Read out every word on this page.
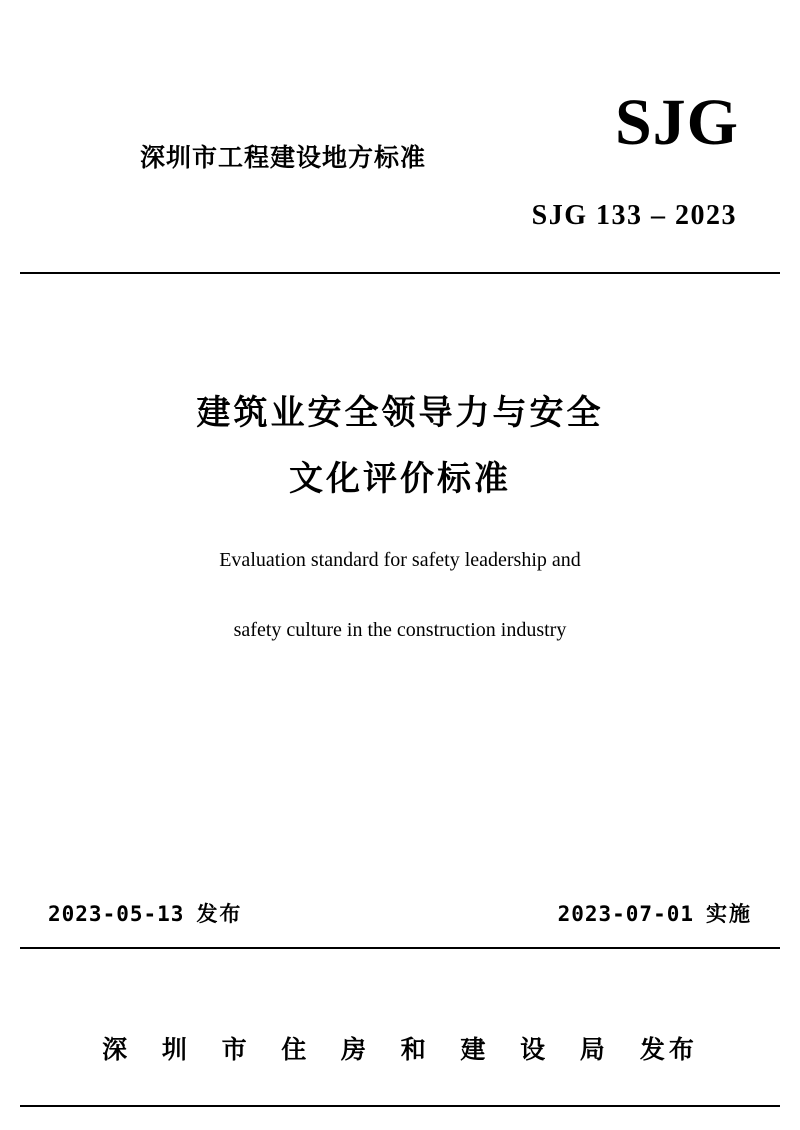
深圳市工程建设地方标准	SJG
SJG 133 – 2023
建筑业安全领导力与安全
文化评价标准
Evaluation standard for safety leadership and
safety culture in the construction industry
2023-05-13 发布	2023-07-01 实施
深 圳 市 住 房 和 建 设 局 发布
